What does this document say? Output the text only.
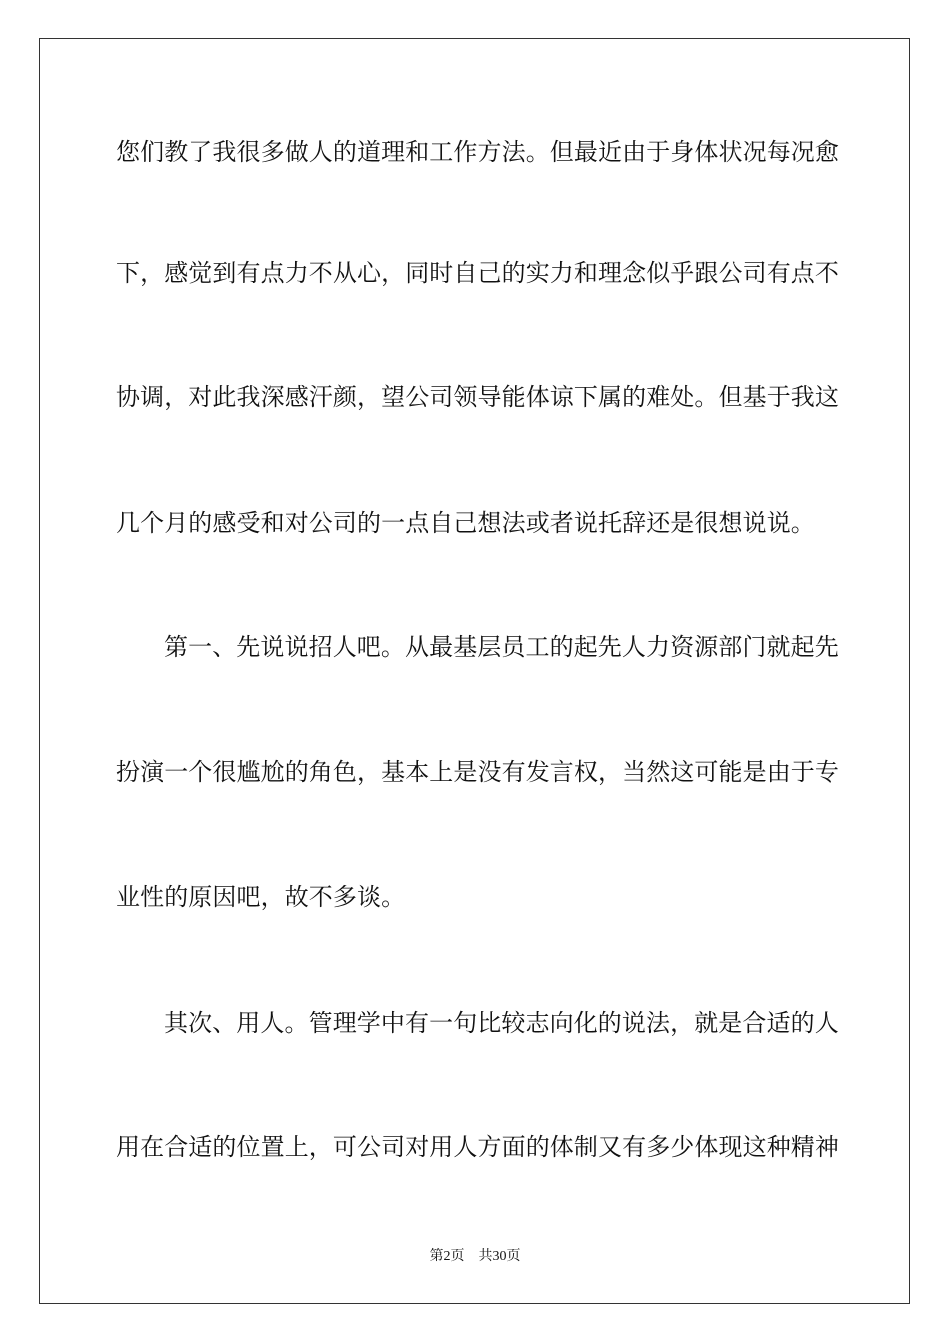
您们教了我很多做人的道理和工作方法。但最近由于身体状况每况愈
下，感觉到有点力不从心，同时自己的实力和理念似乎跟公司有点不
协调，对此我深感汗颜，望公司领导能体谅下属的难处。但基于我这
几个月的感受和对公司的一点自己想法或者说托辞还是很想说说。
第一、先说说招人吧。从最基层员工的起先人力资源部门就起先
扮演一个很尴尬的角色，基本上是没有发言权，当然这可能是由于专
业性的原因吧，故不多谈。
其次、用人。管理学中有一句比较志向化的说法，就是合适的人
用在合适的位置上，可公司对用人方面的体制又有多少体现这种精神
第2页 共30页
